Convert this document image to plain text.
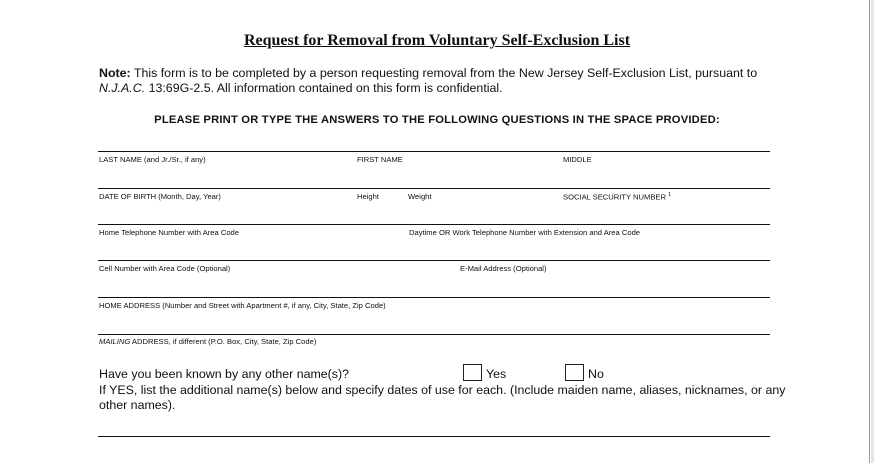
Request for Removal from Voluntary Self-Exclusion List
Note: This form is to be completed by a person requesting removal from the New Jersey Self-Exclusion List, pursuant to N.J.A.C. 13:69G-2.5. All information contained on this form is confidential.
PLEASE PRINT OR TYPE THE ANSWERS TO THE FOLLOWING QUESTIONS IN THE SPACE PROVIDED:
LAST NAME (and Jr./Sr., if any)	FIRST NAME	MIDDLE
DATE OF BIRTH (Month, Day, Year)	Height	Weight	SOCIAL SECURITY NUMBER $^1$
Home Telephone Number with Area Code	Daytime OR Work Telephone Number with Extension and Area Code
Cell Number with Area Code (Optional)	E-Mail Address (Optional)
HOME ADDRESS (Number and Street with Apartment #, if any, City, State, Zip Code)
MAILING ADDRESS, if different (P.O. Box, City, State, Zip Code)
Have you been known by any other name(s)?	Yes	No
If YES, list the additional name(s) below and specify dates of use for each. (Include maiden name, aliases, nicknames, or any other names).
